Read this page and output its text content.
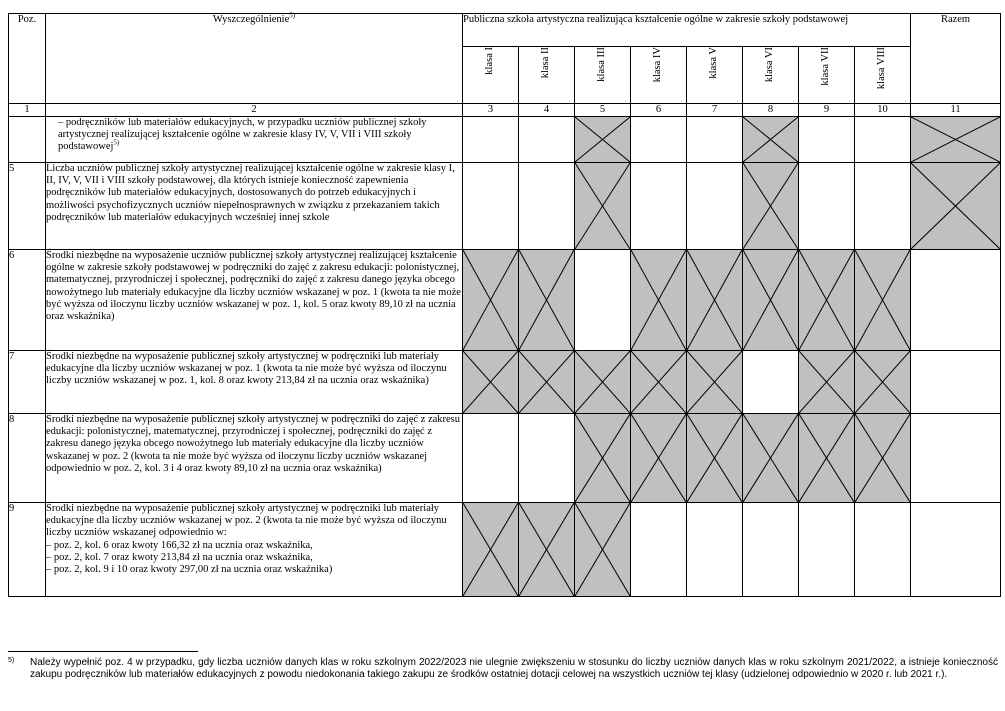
Poz.	Wyszczególnienie$^{5)}$	Publiczna szkoła artystyczna realizująca kształcenie ogólne w zakresie szkoły podstawowej								Razem
		klasa I	klasa II	klasa III	klasa IV	klasa V	klasa VI	klasa VII	klasa VIII	
1	2	3	4	5	6	7	8	9	10	11
	– podręczników lub materiałów edukacyjnych, w przypadku uczniów publicznej szkoły artystycznej realizującej kształcenie ogólne w zakresie klasy IV, V, VII i VIII szkoły podstawowej$^{5)}$			

5	Liczba uczniów publicznej szkoły artystycznej realizującej kształcenie ogólne w zakresie klasy I, II, IV, V, VII i VIII szkoły podstawowej, dla których istnieje konieczność zapewnienia podręczników lub materiałów edukacyjnych, dostosowanych do potrzeb edukacyjnych i możliwości psychofizycznych uczniów niepełnosprawnych w związku z przekazaniem takich podręczników lub materiałów edukacyjnych wcześniej innej szkole			

6	Środki niezbędne na wyposażenie uczniów publicznej szkoły artystycznej realizującej kształcenie ogólne w zakresie szkoły podstawowej w podręczniki do zajęć z zakresu edukacji: polonistycznej, matematycznej, przyrodniczej i społecznej, podręczniki do zajęć z zakresu danego języka obcego nowożytnego lub materiały edukacyjne dla liczby uczniów wskazanej w poz. 1 (kwota ta nie może być wyższa od iloczynu liczby uczniów wskazanej w poz. 1, kol. 5 oraz kwoty 89,10 zł na ucznia oraz wskaźnika)	

7	Środki niezbędne na wyposażenie publicznej szkoły artystycznej w podręczniki lub materiały edukacyjne dla liczby uczniów wskazanej w poz. 1 (kwota ta nie może być wyższa od iloczynu liczby uczniów wskazanej w poz. 1, kol. 8 oraz kwoty 213,84 zł na ucznia oraz wskaźnika)	

8	Środki niezbędne na wyposażenie publicznej szkoły artystycznej w podręczniki do zajęć z zakresu edukacji: polonistycznej, matematycznej, przyrodniczej i społecznej, podręczniki do zajęć z zakresu danego języka obcego nowożytnego lub materiały edukacyjne dla liczby uczniów wskazanej w poz. 2 (kwota ta nie może być wyższa od iloczynu liczby uczniów wskazanej odpowiednio w poz. 2, kol. 3 i 4 oraz kwoty 89,10 zł na ucznia oraz wskaźnika)			

9	Środki niezbędne na wyposażenie publicznej szkoły artystycznej w podręczniki lub materiały edukacyjne dla liczby uczniów wskazanej w poz. 2 (kwota ta nie może być wyższa od iloczynu liczby uczniów wskazanej odpowiednio w:
– poz. 2, kol. 6 oraz kwoty 166,32 zł na ucznia oraz wskaźnika,
– poz. 2, kol. 7 oraz kwoty 213,84 zł na ucznia oraz wskaźnika,
– poz. 2, kol. 9 i 10 oraz kwoty 297,00 zł na ucznia oraz wskaźnika)

5) Należy wypełnić poz. 4 w przypadku, gdy liczba uczniów danych klas w roku szkolnym 2022/2023 nie ulegnie zwiększeniu w stosunku do liczby uczniów danych klas w roku szkolnym 2021/2022, a istnieje konieczność zakupu podręczników lub materiałów edukacyjnych z powodu niedokonania takiego zakupu ze środków ostatniej dotacji celowej na wszystkich uczniów tej klasy (udzielonej odpowiednio w 2020 r. lub 2021 r.).
